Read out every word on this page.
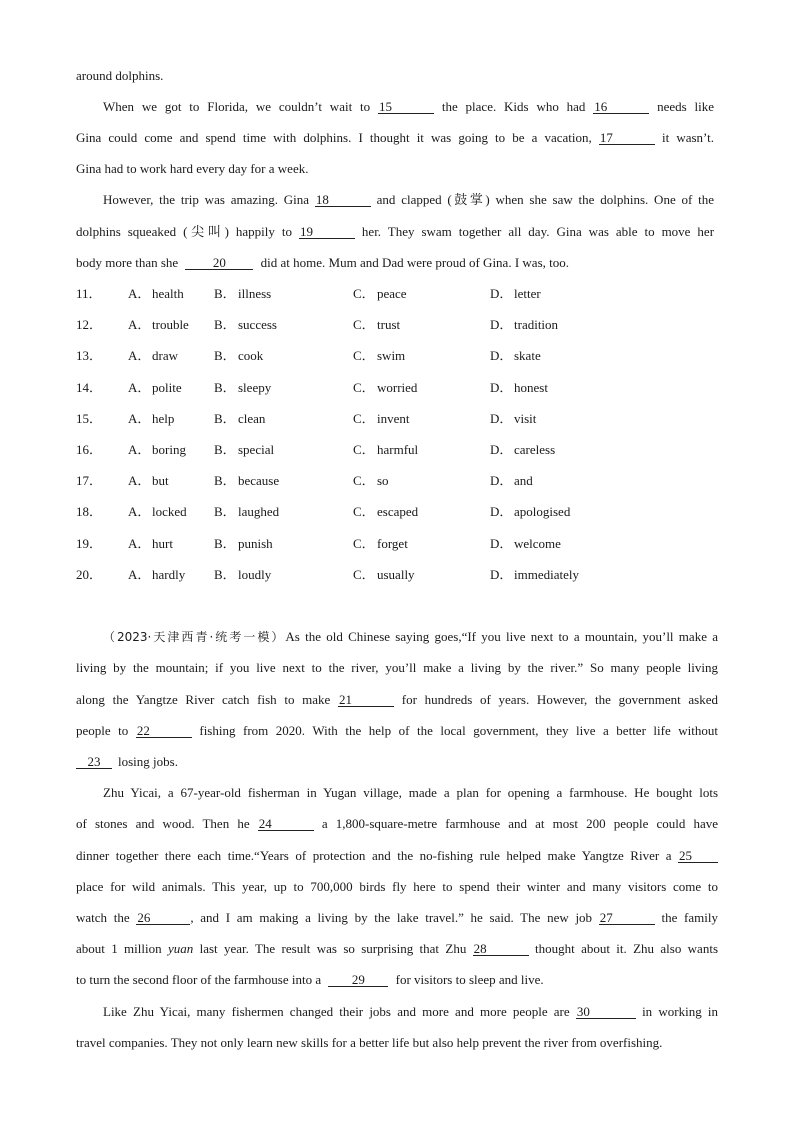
around dolphins.
When we got to Florida, we couldn’t wait to 15	the place. Kids who had 16	needs like
Gina could come and spend time with dolphins. I thought it was going to be a vacation, 17	it wasn’t.
Gina had to work hard every day for a week.
However, the trip was amazing. Gina 18	and clapped (鼓掌) when she saw the dolphins. One of the
dolphins squeaked (尖叫) happily to 19	her. They swam together all day. Gina was able to move her
body more than she	20	did at home. Mum and Dad were proud of Gina. I was, too.
11． A． health B． illness	C． peace	D． letter
12． A． trouble B． success	C． trust	D． tradition
13． A． draw	B． cook	C． swim	D． skate
14． A． polite B． sleepy	C． worried	D． honest
15． A． help	B． clean	C． invent	D． visit
16． A． boring B． special	C． harmful	D． careless
17． A． but	B． because	C． so	D． and
18． A． locked B． laughed	C． escaped	D． apologised
19． A． hurt	B． punish	C． forget	D． welcome
20． A． hardly B． loudly	C． usually	D． immediately
（2023·天津西青·统考一模）As the old Chinese saying goes,“If you live next to a mountain, you’ll make a
living by the mountain; if you live next to the river, you’ll make a living by the river.” So many people living
along the Yangtze River catch fish to make 21	for hundreds of years. However, the government asked
people to 22	fishing from 2020. With the help of the local government, they live a better life without
23 losing jobs.
Zhu Yicai, a 67-year-old fisherman in Yugan village, made a plan for opening a farmhouse. He bought lots
of stones and wood. Then he 24	a 1,800-square-metre farmhouse and at most 200 people could have
dinner together there each time.“Years of protection and the no-fishing rule helped make Yangtze River a 25
place for wild animals. This year, up to 700,000 birds fly here to spend their winter and many visitors come to
watch the 26	, and I am making a living by the lake travel.” he said. The new job 27	the family
about 1 million yuan last year. The result was so surprising that Zhu 28	thought about it. Zhu also wants
to turn the second floor of the farmhouse into a 29 for visitors to sleep and live.
Like Zhu Yicai, many fishermen changed their jobs and more and more people are 30	in working in
travel companies. They not only learn new skills for a better life but also help prevent the river from overfishing.
